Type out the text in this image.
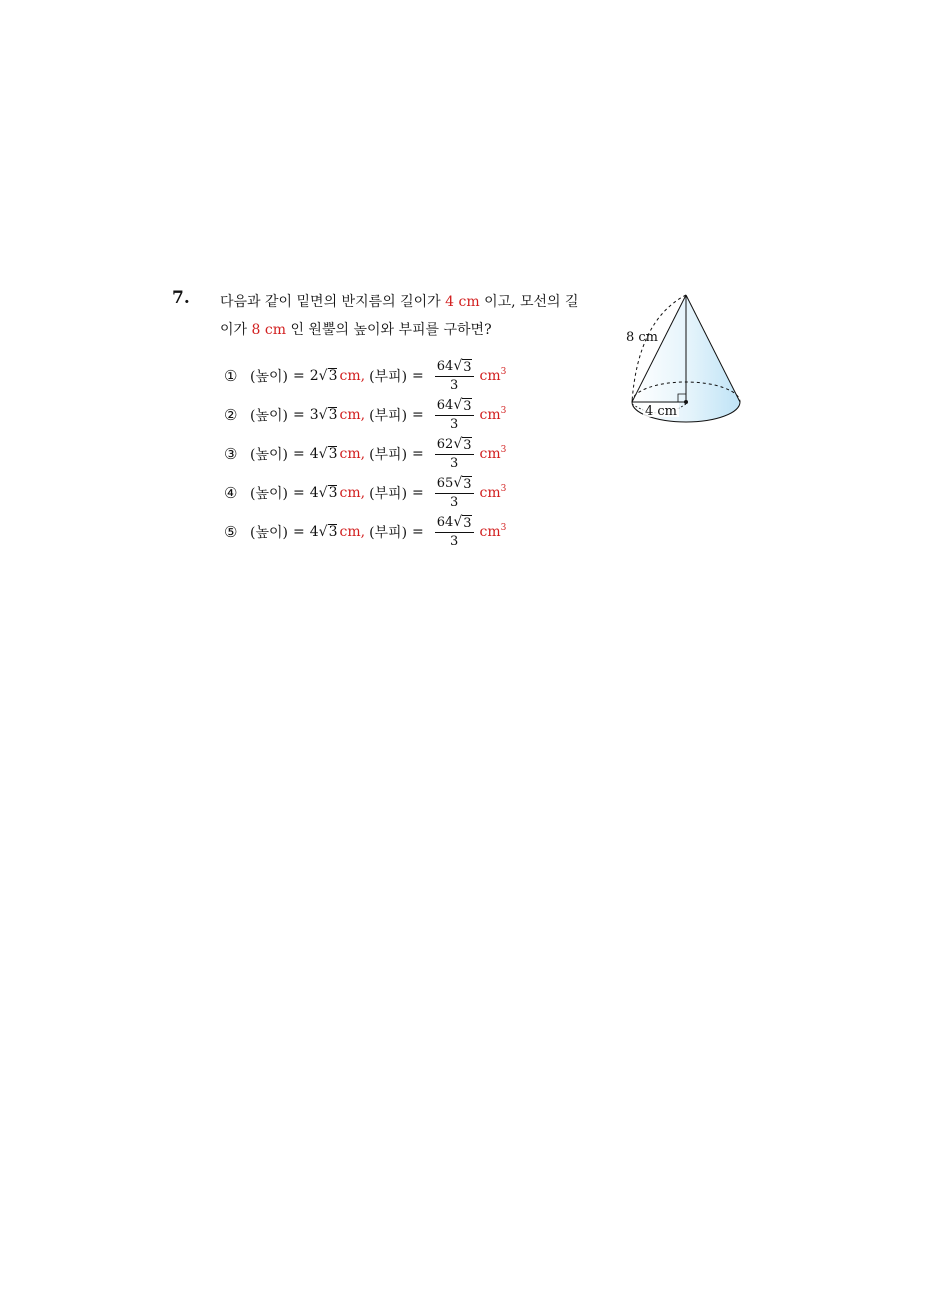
7. 다음과 같이 밑면의 반지름의 길이가 4 cm 이고, 모선의 길
이가 8 cm 인 원뿔의 높이와 부피를 구하면?
① (높이) = 2 √ 3 cm, (부피) = $\frac{64 √ 3}{3} cm^3$
② (높이) = 3 √ 3 cm, (부피) = $\frac{64 √ 3}{3} cm^3$
③ (높이) = 4 √ 3 cm, (부피) = $\frac{62 √ 3}{3} cm^3$
④ (높이) = 4 √ 3 cm, (부피) = $\frac{65 √ 3}{3} cm^3$
⑤ (높이) = 4 √ 3 cm, (부피) = $\frac{64 √ 3}{3} cm^3$
8 cm
4 cm
